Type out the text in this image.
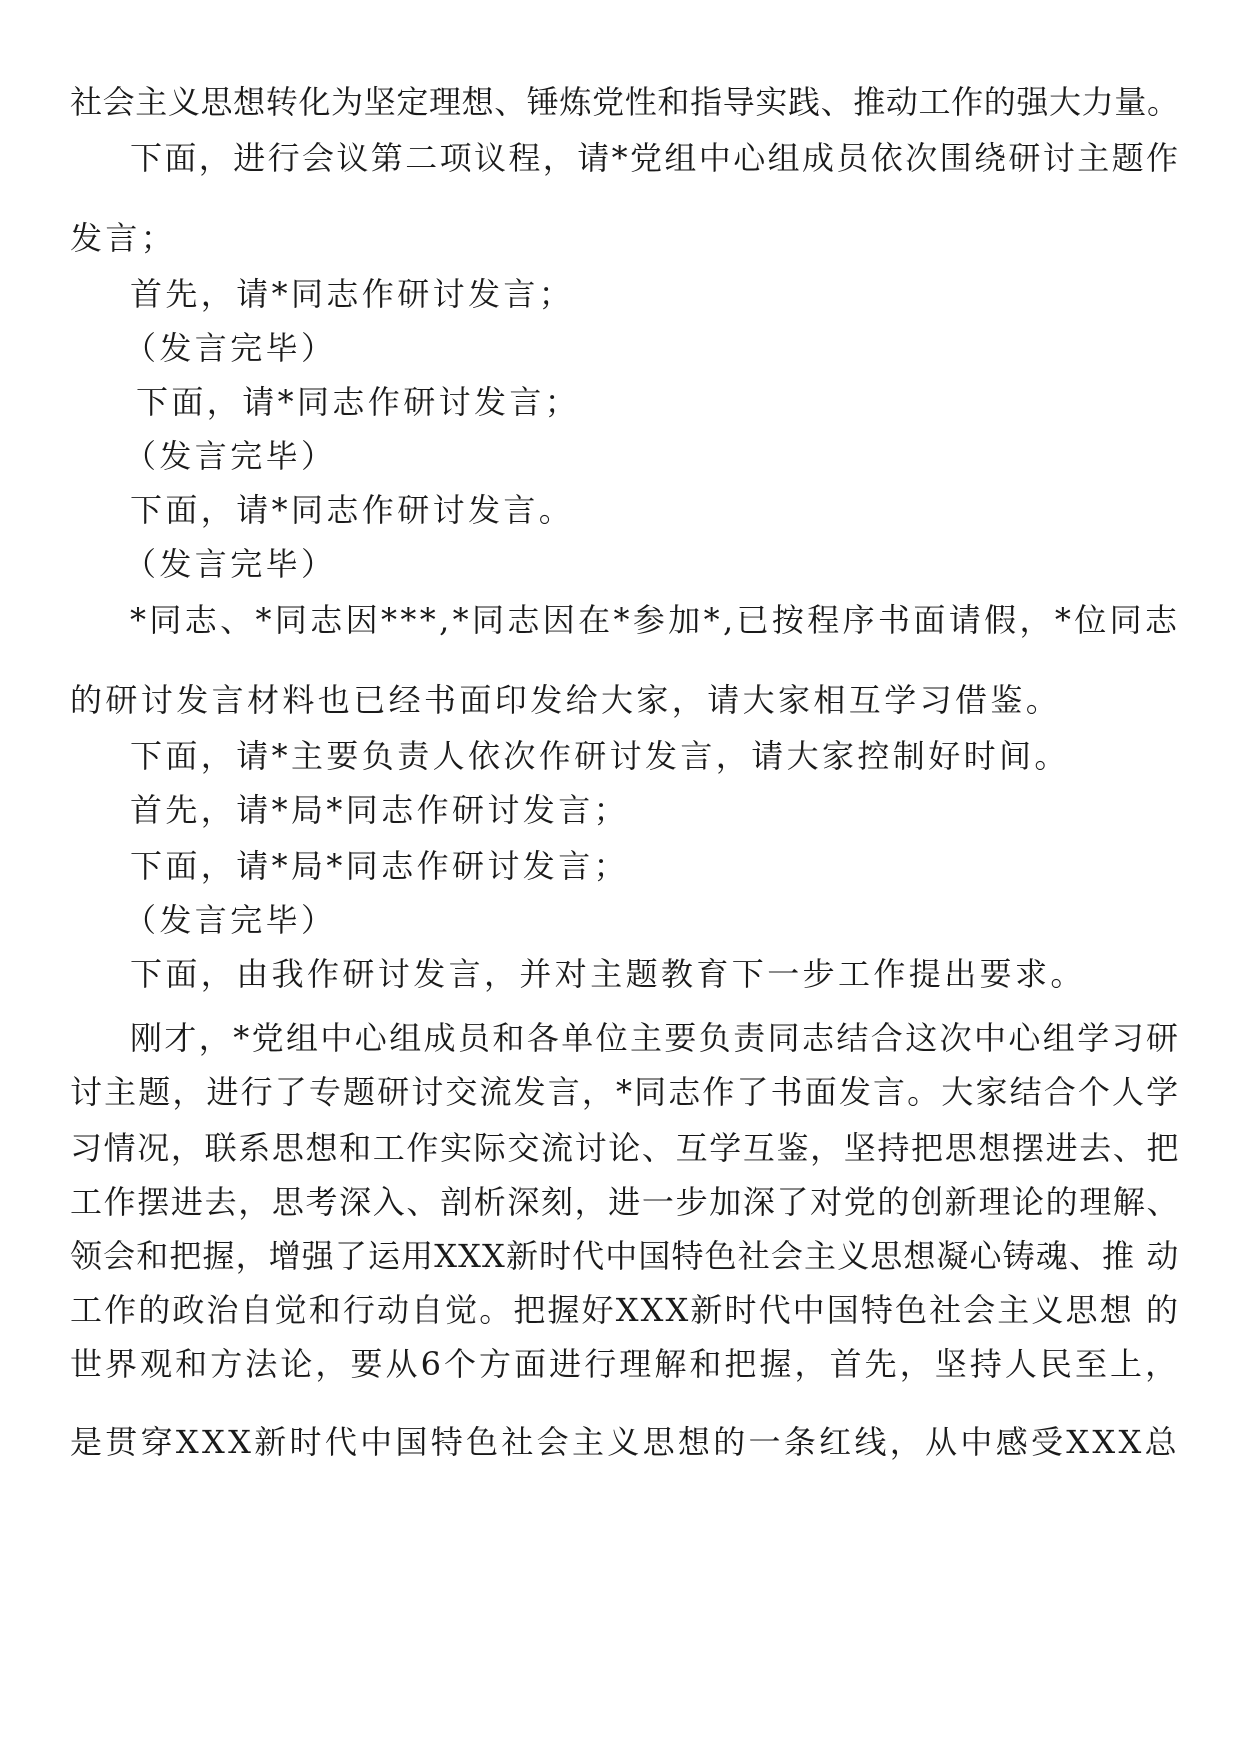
社会主义思想转化为坚定理想、锤炼党性和指导实践、推动工作的强大力量。

下面，进行会议第二项议程，请*党组中心组成员依次围绕研讨主题作

发言；

首先，请*同志作研讨发言；

（发言完毕）

下面，请*同志作研讨发言；

（发言完毕）

下面，请*同志作研讨发言。

（发言完毕）

*同志、*同志因***,*同志因在*参加*,已按程序书面请假，*位同志

的研讨发言材料也已经书面印发给大家，请大家相互学习借鉴。

下面，请*主要负责人依次作研讨发言，请大家控制好时间。

首先，请*局*同志作研讨发言；

下面，请*局*同志作研讨发言；

（发言完毕）

下面，由我作研讨发言，并对主题教育下一步工作提出要求。

刚才，*党组中心组成员和各单位主要负责同志结合这次中心组学习研

讨主题，进行了专题研讨交流发言，*同志作了书面发言。大家结合个人学

习情况，联系思想和工作实际交流讨论、互学互鉴，坚持把思想摆进去、把

工作摆进去，思考深入、剖析深刻，进一步加深了对党的创新理论的理解、

领会和把握，增强了运用XXX新时代中国特色社会主义思想凝心铸魂、推 动

工作的政治自觉和行动自觉。把握好XXX新时代中国特色社会主义思想 的

世界观和方法论，要从6个方面进行理解和把握，首先，坚持人民至上，

是贯穿XXX新时代中国特色社会主义思想的一条红线，从中感受XXX总
